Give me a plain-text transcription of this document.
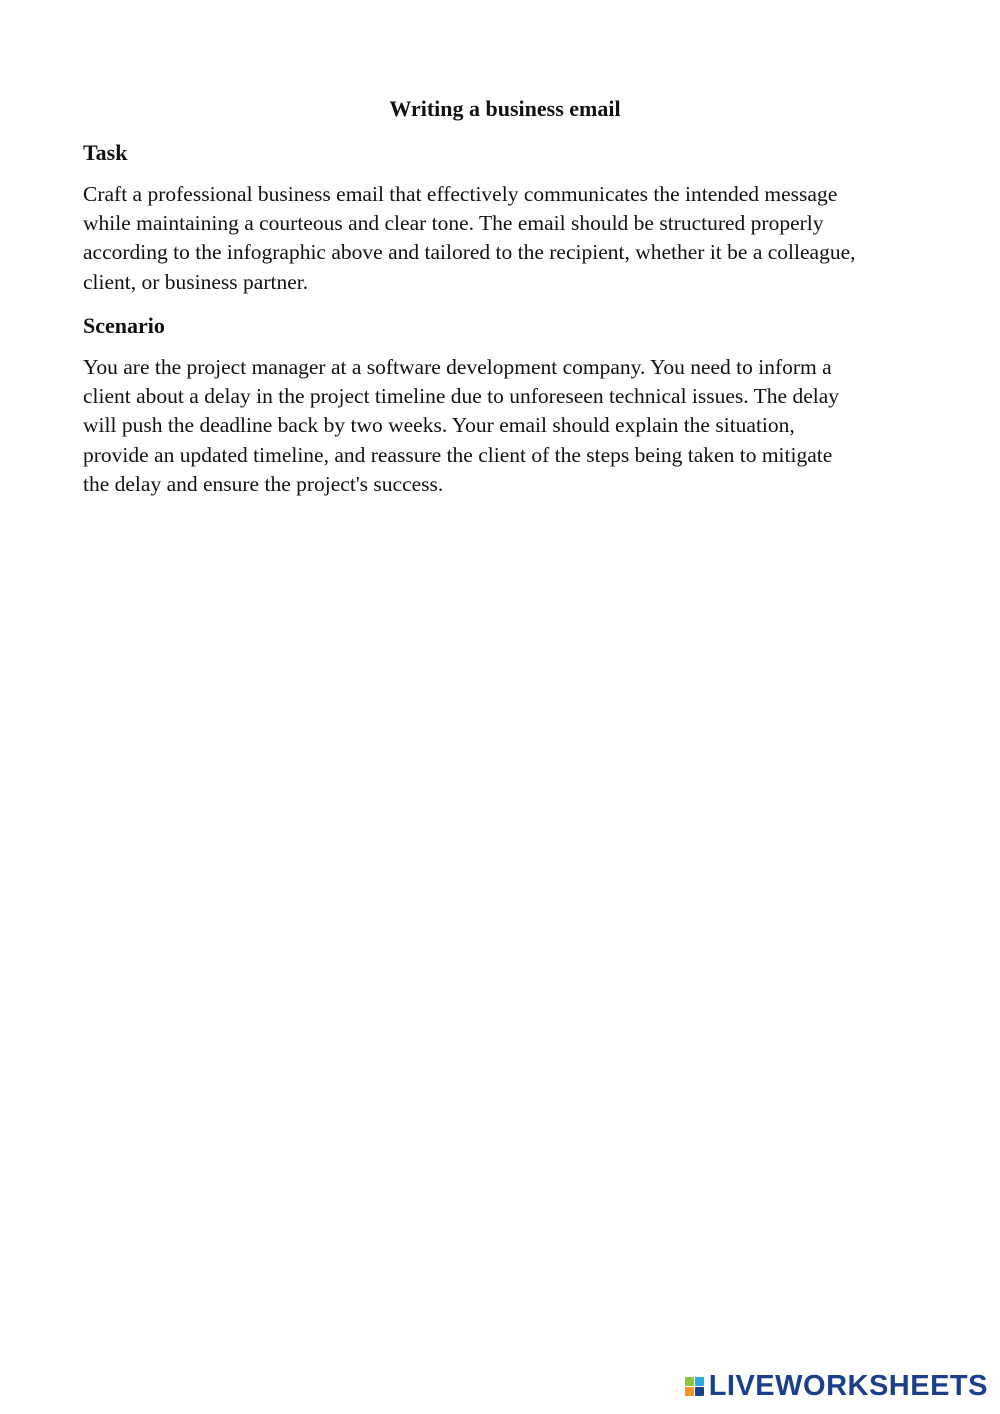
Writing a business email
Task
Craft a professional business email that effectively communicates the intended message
while maintaining a courteous and clear tone. The email should be structured properly
according to the infographic above and tailored to the recipient, whether it be a colleague,
client, or business partner.
Scenario
You are the project manager at a software development company. You need to inform a
client about a delay in the project timeline due to unforeseen technical issues. The delay
will push the deadline back by two weeks. Your email should explain the situation,
provide an updated timeline, and reassure the client of the steps being taken to mitigate
the delay and ensure the project's success.
LIVEWORKSHEETS
